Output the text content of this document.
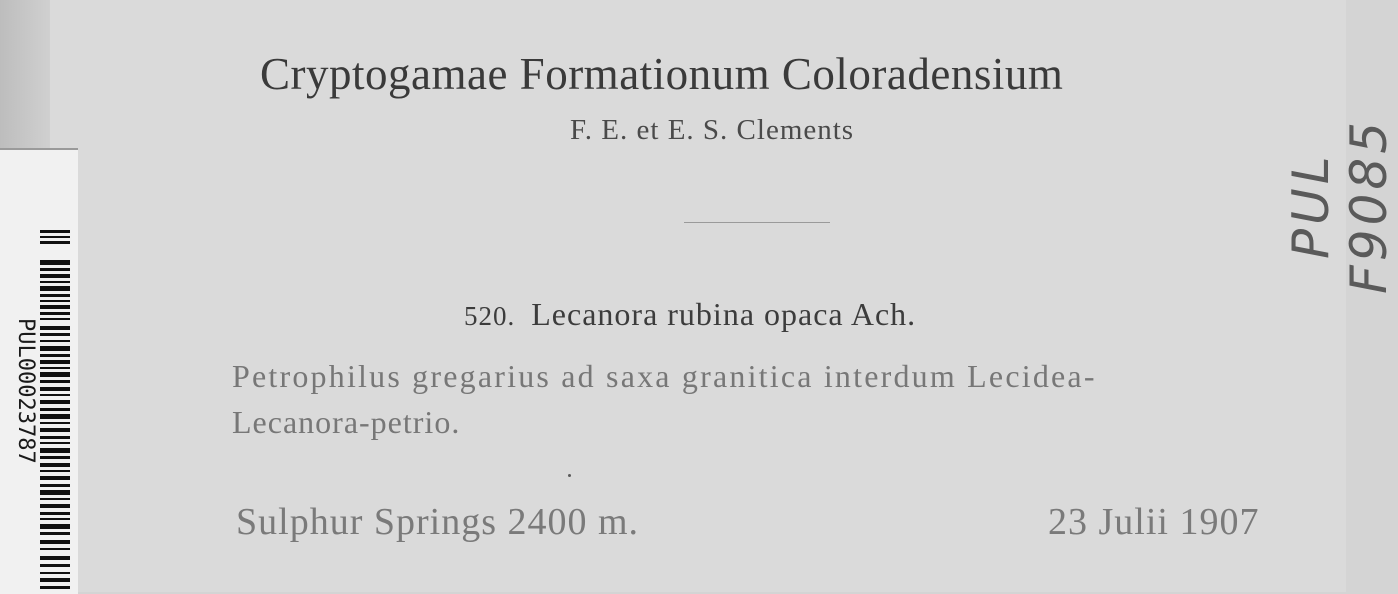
Cryptogamae Formationum Coloradensium
F. E. et E. S. Clements
520. Lecanora rubina opaca Ach.
Petrophilus gregarius ad saxa granitica interdum Lecidea-
Lecanora-petrio.
Sulphur Springs 2400 m.	23 Julii 1907
PUL F9085
PUL00023787
